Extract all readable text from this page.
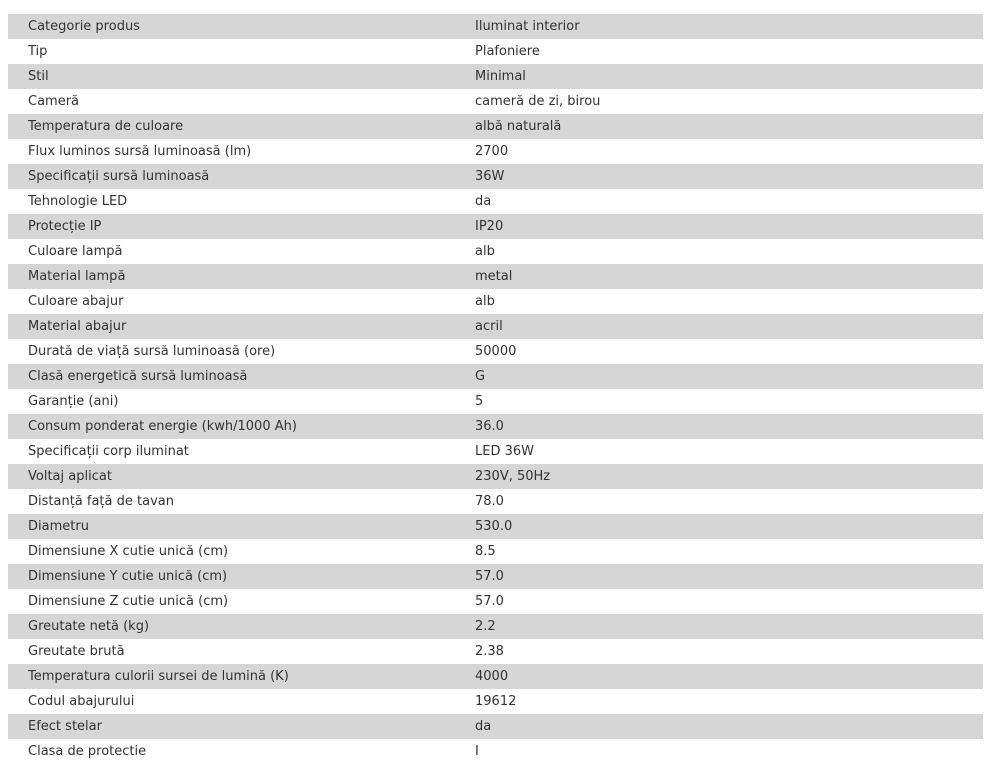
Categorie produs	Iluminat interior
Tip	Plafoniere
Stil	Minimal
Cameră	cameră de zi, birou
Temperatura de culoare	albă naturală
Flux luminos sursă luminoasă (lm)	2700
Specificații sursă luminoasă	36W
Tehnologie LED	da
Protecție IP	IP20
Culoare lampă	alb
Material lampă	metal
Culoare abajur	alb
Material abajur	acril
Durată de viață sursă luminoasă (ore)	50000
Clasă energetică sursă luminoasă	G
Garanție (ani)	5
Consum ponderat energie (kwh/1000 Ah)	36.0
Specificații corp iluminat	LED 36W
Voltaj aplicat	230V, 50Hz
Distanță față de tavan	78.0
Diametru	530.0
Dimensiune X cutie unică (cm)	8.5
Dimensiune Y cutie unică (cm)	57.0
Dimensiune Z cutie unică (cm)	57.0
Greutate netă (kg)	2.2
Greutate brută	2.38
Temperatura culorii sursei de lumină (K)	4000
Codul abajurului	19612
Efect stelar	da
Clasa de protectie	I
